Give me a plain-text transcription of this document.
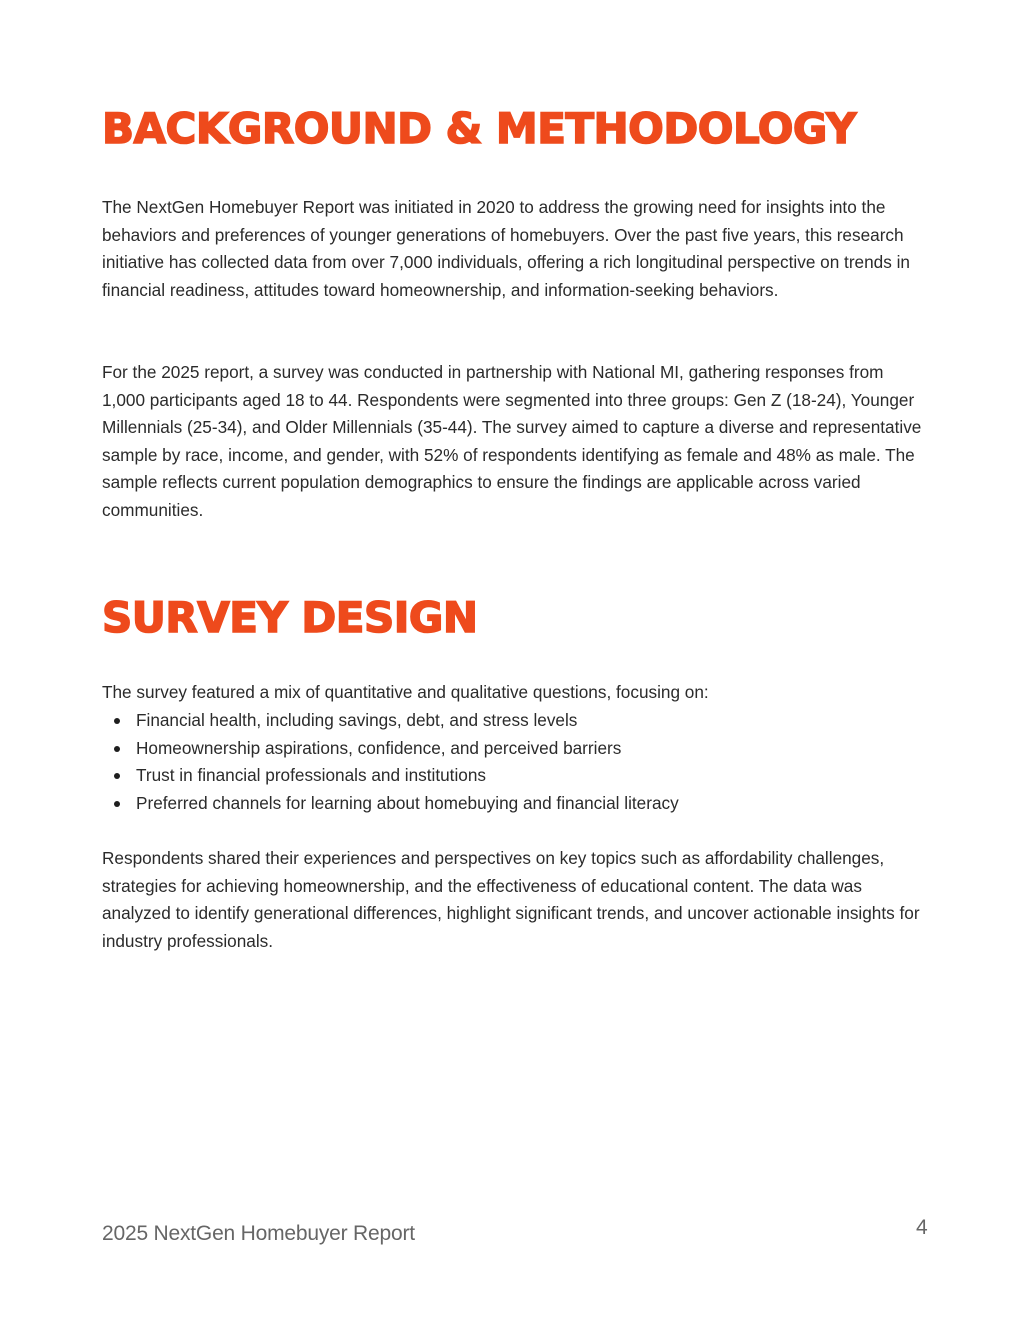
BACKGROUND & METHODOLOGY

The NextGen Homebuyer Report was initiated in 2020 to address the growing need for insights into the behaviors and preferences of younger generations of homebuyers. Over the past five years, this research initiative has collected data from over 7,000 individuals, offering a rich longitudinal perspective on trends in financial readiness, attitudes toward homeownership, and information-seeking behaviors.

For the 2025 report, a survey was conducted in partnership with National MI, gathering responses from 1,000 participants aged 18 to 44. Respondents were segmented into three groups: Gen Z (18-24), Younger Millennials (25-34), and Older Millennials (35-44). The survey aimed to capture a diverse and representative sample by race, income, and gender, with 52% of respondents identifying as female and 48% as male. The sample reflects current population demographics to ensure the findings are applicable across varied communities.

SURVEY DESIGN

The survey featured a mix of quantitative and qualitative questions, focusing on:

Financial health, including savings, debt, and stress levels
Homeownership aspirations, confidence, and perceived barriers
Trust in financial professionals and institutions
Preferred channels for learning about homebuying and financial literacy

Respondents shared their experiences and perspectives on key topics such as affordability challenges, strategies for achieving homeownership, and the effectiveness of educational content. The data was analyzed to identify generational differences, highlight significant trends, and uncover actionable insights for industry professionals.

2025 NextGen Homebuyer Report	4
